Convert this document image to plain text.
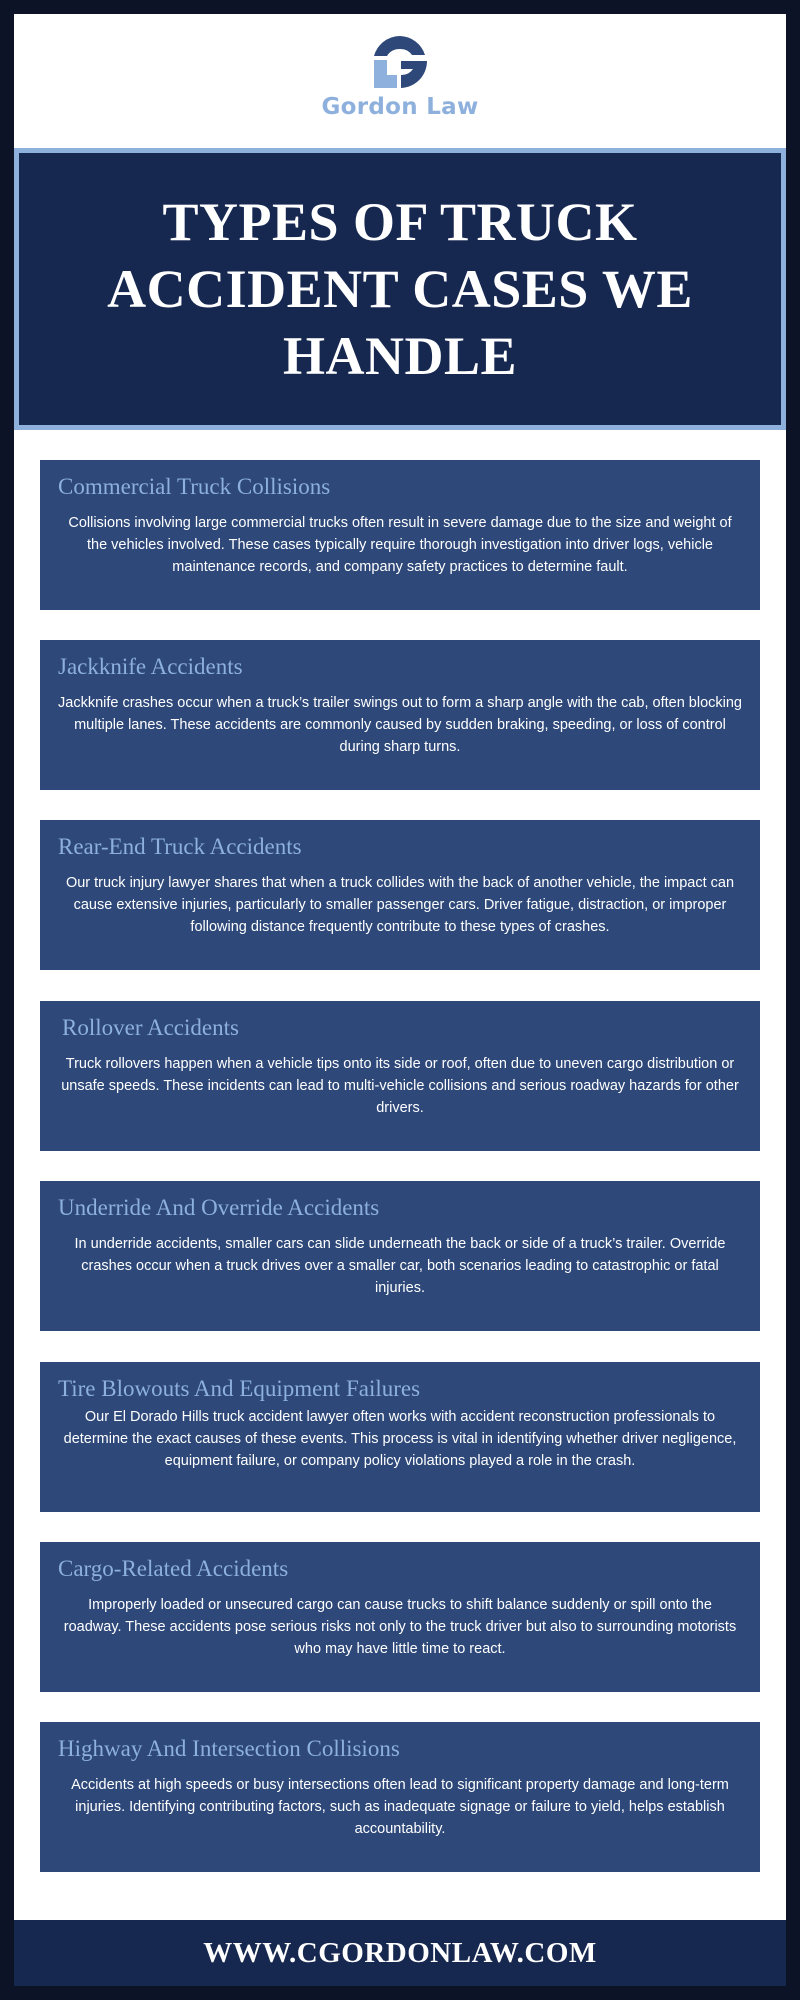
Gordon Law
TYPES OF TRUCK ACCIDENT CASES WE HANDLE
Commercial Truck Collisions

Collisions involving large commercial trucks often result in severe damage due to the size and weight of the vehicles involved. These cases typically require thorough investigation into driver logs, vehicle maintenance records, and company safety practices to determine fault.

Jackknife Accidents

Jackknife crashes occur when a truck’s trailer swings out to form a sharp angle with the cab, often blocking multiple lanes. These accidents are commonly caused by sudden braking, speeding, or loss of control during sharp turns.

Rear-End Truck Accidents

Our truck injury lawyer shares that when a truck collides with the back of another vehicle, the impact can cause extensive injuries, particularly to smaller passenger cars. Driver fatigue, distraction, or improper following distance frequently contribute to these types of crashes.

Rollover Accidents

Truck rollovers happen when a vehicle tips onto its side or roof, often due to uneven cargo distribution or unsafe speeds. These incidents can lead to multi-vehicle collisions and serious roadway hazards for other drivers.

Underride And Override Accidents

In underride accidents, smaller cars can slide underneath the back or side of a truck’s trailer. Override crashes occur when a truck drives over a smaller car, both scenarios leading to catastrophic or fatal injuries.

Tire Blowouts And Equipment Failures

Our El Dorado Hills truck accident lawyer often works with accident reconstruction professionals to determine the exact causes of these events. This process is vital in identifying whether driver negligence, equipment failure, or company policy violations played a role in the crash.

Cargo-Related Accidents

Improperly loaded or unsecured cargo can cause trucks to shift balance suddenly or spill onto the roadway. These accidents pose serious risks not only to the truck driver but also to surrounding motorists who may have little time to react.

Highway And Intersection Collisions

Accidents at high speeds or busy intersections often lead to significant property damage and long-term injuries. Identifying contributing factors, such as inadequate signage or failure to yield, helps establish accountability.

WWW.CGORDONLAW.COM
